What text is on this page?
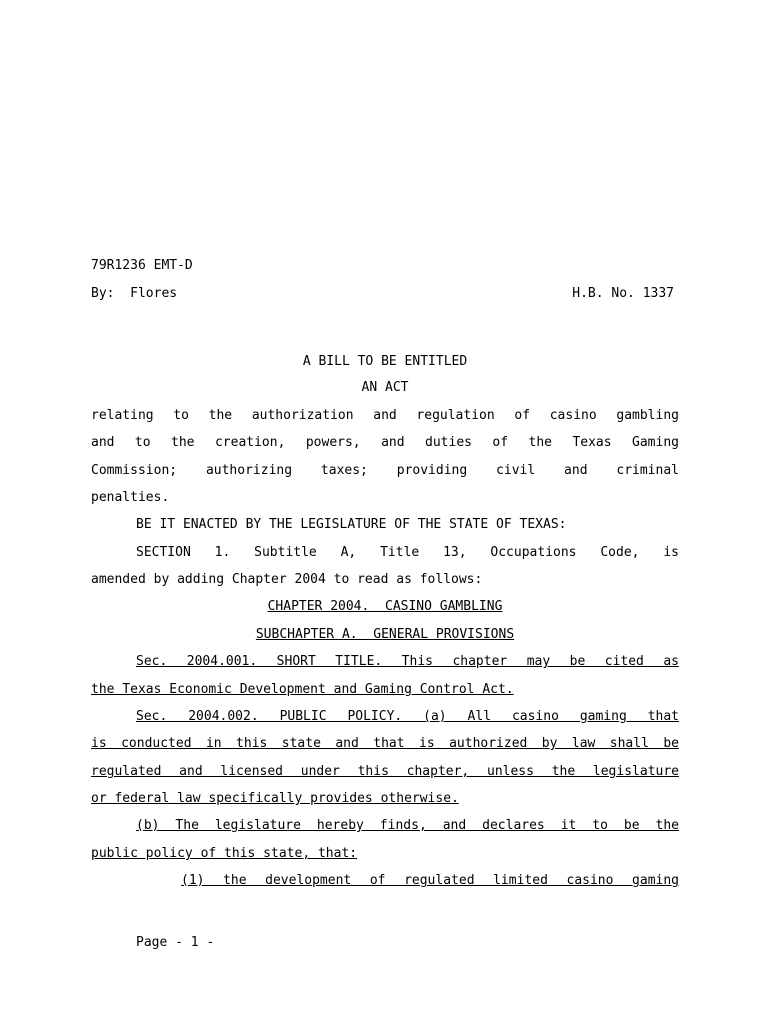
79R1236 EMT-D
By:  Flores	H.B. No. 1337
A BILL TO BE ENTITLED
AN ACT
relating to the authorization and regulation of casino gambling
and to the creation, powers, and duties of the Texas Gaming
Commission; authorizing taxes; providing civil and criminal
penalties.
BE IT ENACTED BY THE LEGISLATURE OF THE STATE OF TEXAS:
SECTION 1. Subtitle A, Title 13, Occupations Code, is
amended by adding Chapter 2004 to read as follows:
CHAPTER 2004.  CASINO GAMBLING
SUBCHAPTER A.  GENERAL PROVISIONS
Sec. 2004.001. SHORT TITLE. This chapter may be cited as
the Texas Economic Development and Gaming Control Act.
Sec. 2004.002. PUBLIC POLICY. (a) All casino gaming that
is conducted in this state and that is authorized by law shall be
regulated and licensed under this chapter, unless the legislature
or federal law specifically provides otherwise.
(b) The legislature hereby finds, and declares it to be the
public policy of this state, that:
(1) the development of regulated limited casino gaming
Page - 1 -
